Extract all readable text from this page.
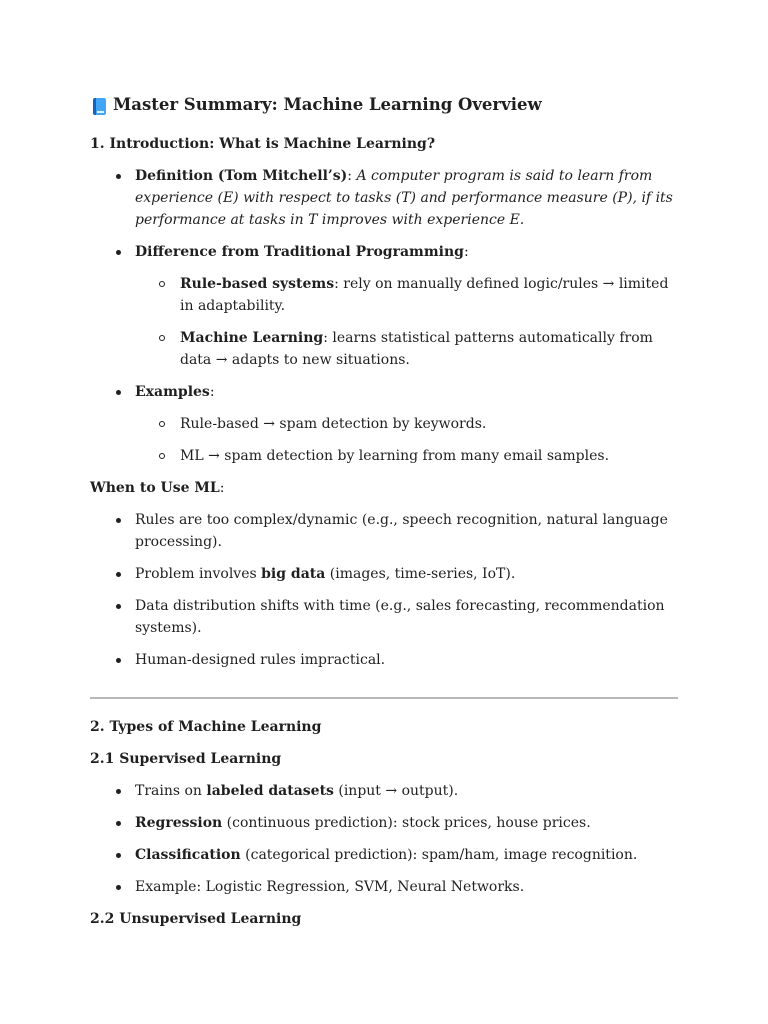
Master Summary: Machine Learning Overview
1. Introduction: What is Machine Learning?
Definition (Tom Mitchell’s): A computer program is said to learn from experience (E) with respect to tasks (T) and performance measure (P), if its performance at tasks in T improves with experience E.
Difference from Traditional Programming:
Rule-based systems: rely on manually defined logic/rules → limited in adaptability.
Machine Learning: learns statistical patterns automatically from data → adapts to new situations.
Examples:
Rule-based → spam detection by keywords.
ML → spam detection by learning from many email samples.

When to Use ML:

Rules are too complex/dynamic (e.g., speech recognition, natural language processing).
Problem involves big data (images, time-series, IoT).
Data distribution shifts with time (e.g., sales forecasting, recommendation systems).
Human-designed rules impractical.
2. Types of Machine Learning
2.1 Supervised Learning
Trains on labeled datasets (input → output).
Regression (continuous prediction): stock prices, house prices.
Classification (categorical prediction): spam/ham, image recognition.
Example: Logistic Regression, SVM, Neural Networks.
2.2 Unsupervised Learning
